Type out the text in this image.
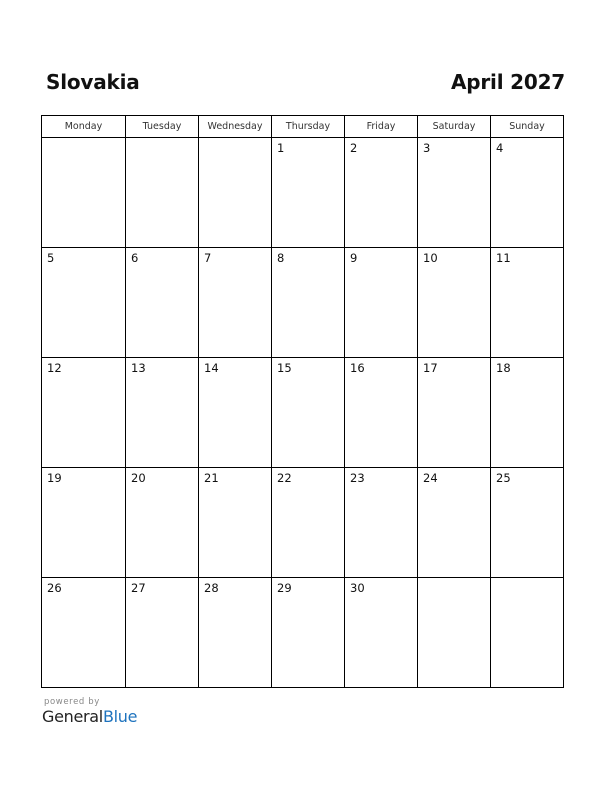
Slovakia	April 2027
Monday	Tuesday	Wednesday	Thursday	Friday	Saturday	Sunday

			1	2	3	4

5	6	7	8	9	10	11

12	13	14	15	16	17	18

19	20	21	22	23	24	25

26	27	28	29	30		

powered by
GeneralBlue
